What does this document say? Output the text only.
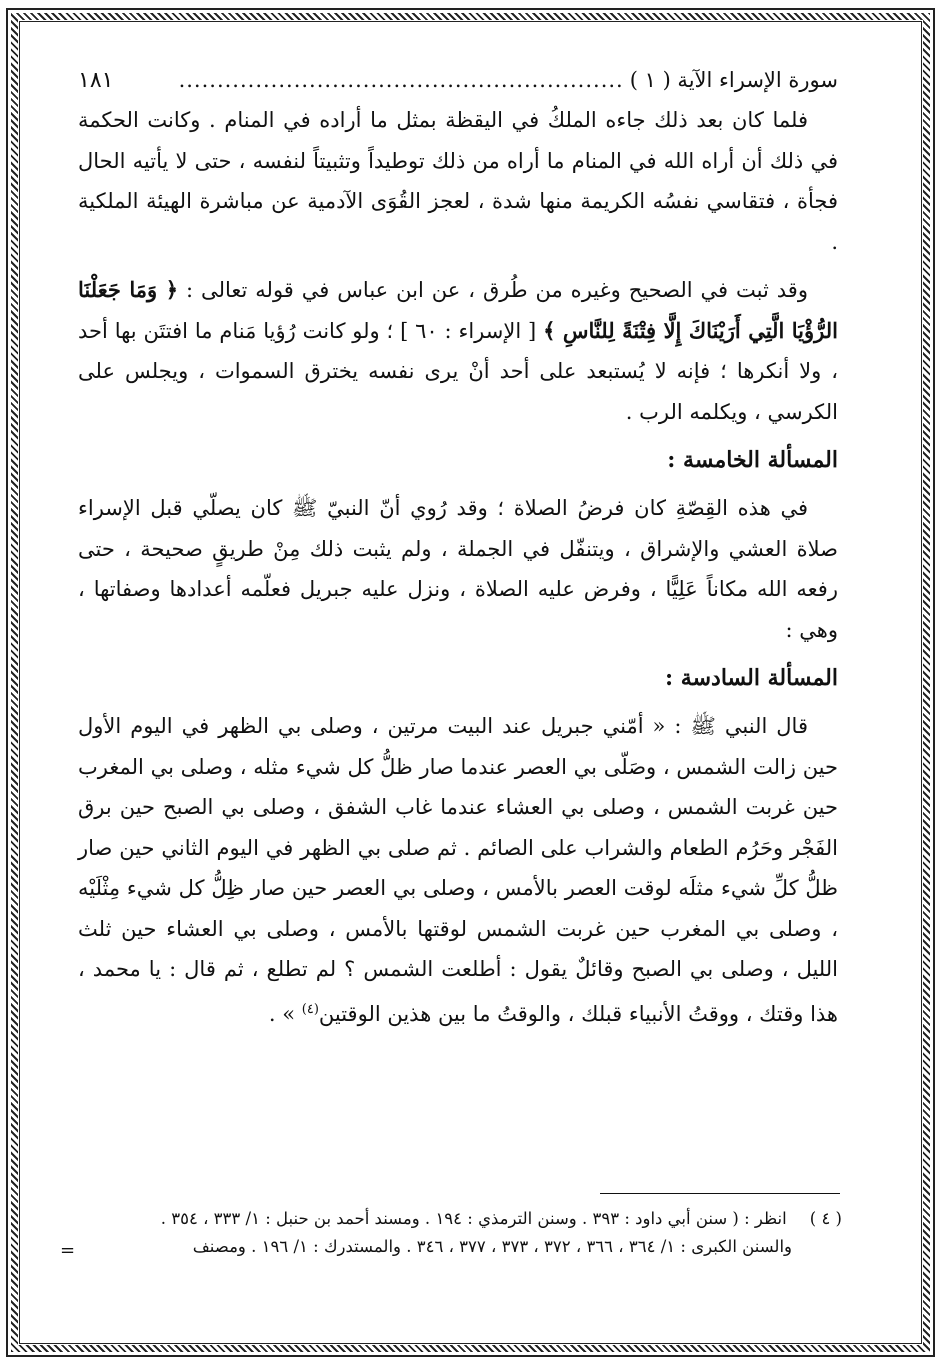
سورة الإسراء الآية ( ١ )
..........................................................
١٨١

فلما كان بعد ذلك جاءه الملكُ في اليقظة بمثل ما أراده في المنام . وكانت الحكمة في ذلك أن أراه الله في المنام ما أراه من ذلك توطيداً وتثبيتاً لنفسه ، حتى لا يأتيه الحال فجأة ، فتقاسي نفسُه الكريمة منها شدة ، لعجز القُوَى الآدمية عن مباشرة الهيئة الملكية .

وقد ثبت في الصحيح وغيره من طُرق ، عن ابن عباس في قوله تعالى : ﴿ وَمَا جَعَلْنَا الرُّؤْيَا الَّتِي أَرَيْنَاكَ إِلَّا فِتْنَةً لِلنَّاسِ ﴾ [ الإسراء : ٦٠ ] ؛ ولو كانت رُؤيا مَنام ما افتتَن بها أحد ، ولا أنكرها ؛ فإنه لا يُستبعد على أحد أنْ يرى نفسه يخترق السموات ، ويجلس على الكرسي ، ويكلمه الرب .

المسألة الخامسة :

في هذه القِصّةِ كان فرضُ الصلاة ؛ وقد رُوي أنّ النبيّ ﷺ كان يصلّي قبل الإسراء صلاة العشي والإشراق ، ويتنفّل في الجملة ، ولم يثبت ذلك مِنْ طريقٍ صحيحة ، حتى رفعه الله مكاناً عَلِيًّا ، وفرض عليه الصلاة ، ونزل عليه جبريل فعلّمه أعدادها وصفاتها ، وهي :

المسألة السادسة :

قال النبي ﷺ : « أمّني جبريل عند البيت مرتين ، وصلى بي الظهر في اليوم الأول حين زالت الشمس ، وصَلّى بي العصر عندما صار ظلُّ كل شيء مثله ، وصلى بي المغرب حين غربت الشمس ، وصلى بي العشاء عندما غاب الشفق ، وصلى بي الصبح حين برق الفَجْر وحَرُم الطعام والشراب على الصائم . ثم صلى بي الظهر في اليوم الثاني حين صار ظلُّ كلِّ شيء مثلَه لوقت العصر بالأمس ، وصلى بي العصر حين صار ظِلُّ كل شيء مِثْلَيْه ، وصلى بي المغرب حين غربت الشمس لوقتها بالأمس ، وصلى بي العشاء حين ثلث الليل ، وصلى بي الصبح وقائلٌ يقول : أطلعت الشمس ؟ لم تطلع ، ثم قال : يا محمد ، هذا وقتك ، ووقتُ الأنبياء قبلك ، والوقتُ ما بين هذين الوقتين$^{(٤)}$ » .

( ٤ ) انظر : ( سنن أبي داود : ٣٩٣ . وسنن الترمذي : ١٩٤ . ومسند أحمد بن حنبل : ١/ ٣٣٣ ، ٣٥٤ .
والسنن الكبرى : ١/ ٣٦٤ ، ٣٦٦ ، ٣٧٢ ، ٣٧٣ ، ٣٧٧ ، ٣٤٦ . والمستدرك : ١/ ١٩٦ . ومصنف
=
